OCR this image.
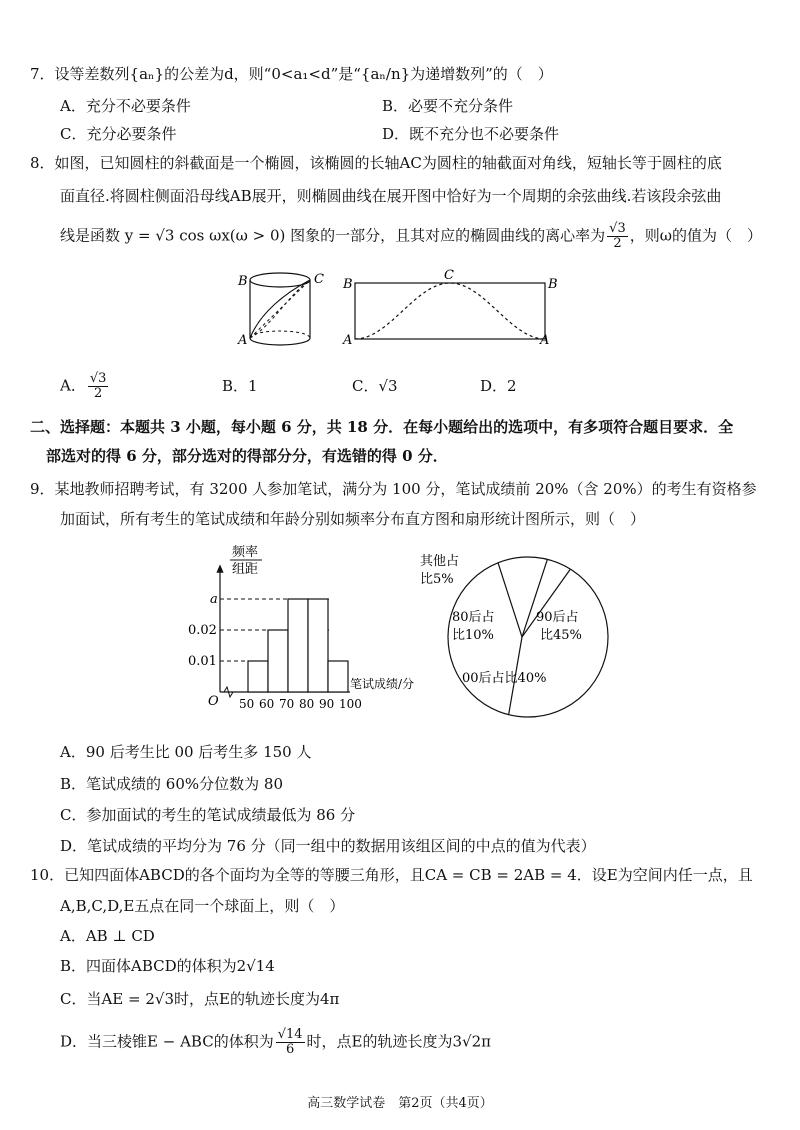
7．设等差数列{aₙ}的公差为d，则“0<a₁<d”是“{aₙ/n}为递增数列”的（　）
A．充分不必要条件	B．必要不充分条件
C．充分必要条件	D．既不充分也不必要条件
8．如图，已知圆柱的斜截面是一个椭圆，该椭圆的长轴AC为圆柱的轴截面对角线，短轴长等于圆柱的底
面直径.将圆柱侧面沿母线AB展开，则椭圆曲线在展开图中恰好为一个周期的余弦曲线.若该段余弦曲
线是函数 y = √3 cos ωx(ω > 0) 图象的一部分，且其对应的椭圆曲线的离心率为 $\frac{√3}{2}$ ，则ω的值为（　）
B	C
A
B	B
C
A	A
A． $\frac{√3}{2}$	B．1	C．√3	D．2
二、选择题：本题共 3 小题，每小题 6 分，共 18 分．在每小题给出的选项中，有多项符合题目要求．全
部选对的得 6 分，部分选对的得部分分，有选错的得 0 分．
9．某地教师招聘考试，有 3200 人参加笔试，满分为 100 分，笔试成绩前 20%（含 20%）的考生有资格参
加面试，所有考生的笔试成绩和年龄分别如频率分布直方图和扇形统计图所示，则（　）
频率
组距
O
笔试成绩/分
0.01
0.02
a
50 60 70 80 90 100
其他占
比5%
80后占
比10%
90后占
比45%
00后占比40%
A．90 后考生比 00 后考生多 150 人
B．笔试成绩的 60%分位数为 80
C．参加面试的考生的笔试成绩最低为 86 分
D．笔试成绩的平均分为 76 分（同一组中的数据用该组区间的中点的值为代表）
10．已知四面体ABCD的各个面均为全等的等腰三角形，且CA = CB = 2AB = 4．设E为空间内任一点，且
A,B,C,D,E五点在同一个球面上，则（　）
A．AB ⊥ CD
B．四面体ABCD的体积为2√14
C．当AE = 2√3时，点E的轨迹长度为4π
D．当三棱锥E − ABC的体积为 $\frac{√14}{6}$ 时，点E的轨迹长度为3√2π
高三数学试卷　第2页（共4页）
